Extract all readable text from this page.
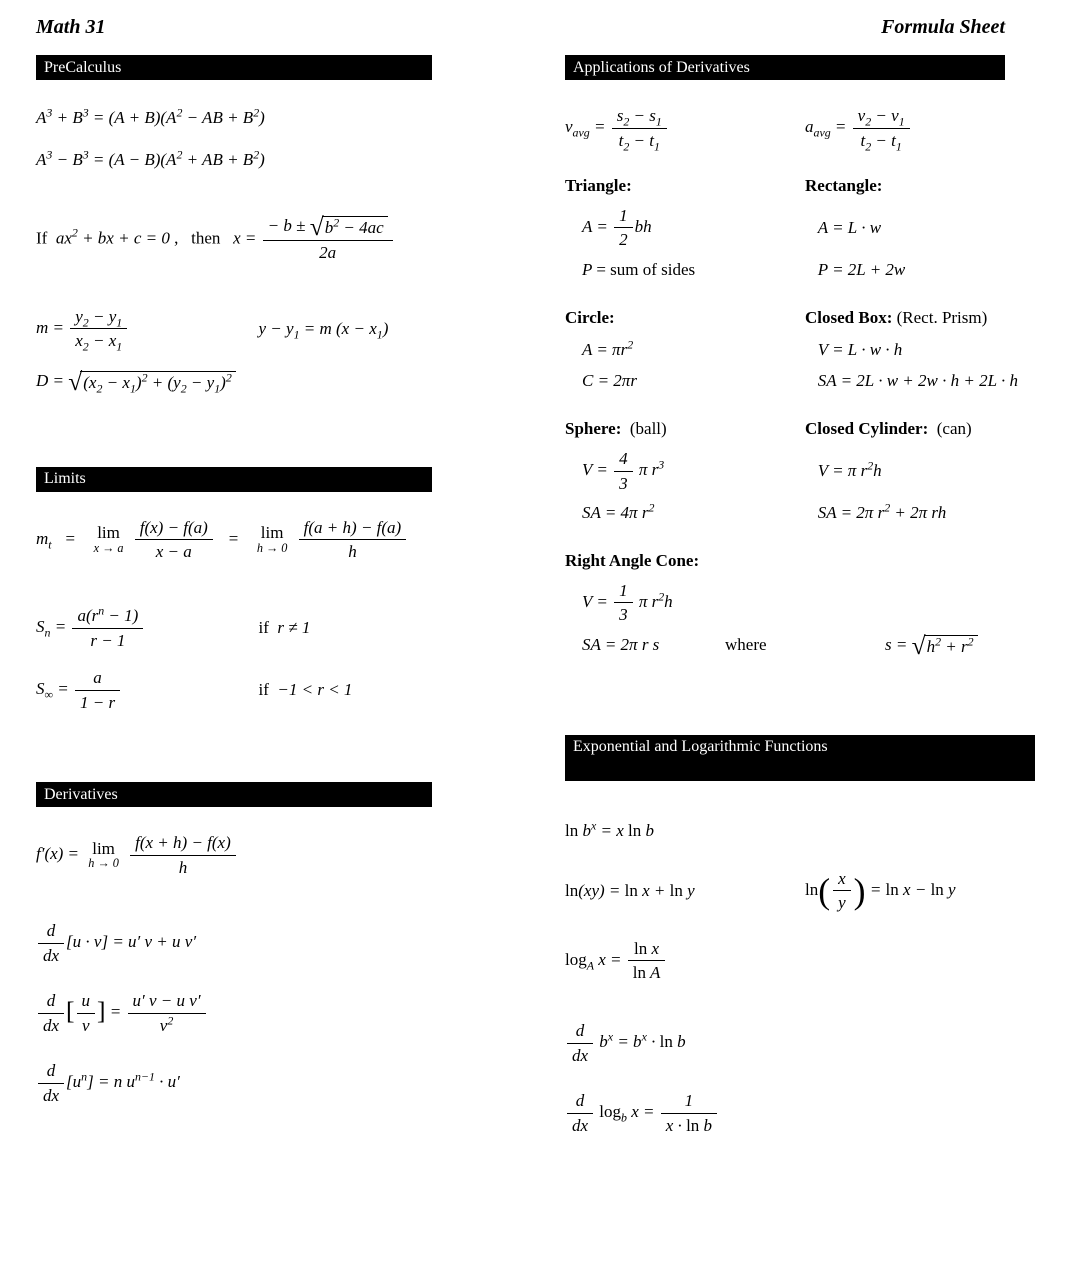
Math 31	Formula Sheet
PreCalculus
$A^3 + B^3 = (A + B)(A^2$ − AB + $B^2$)
$A^3 - B^3 = (A - B)(A^2$ + AB + $B^2$)
If  $ax^2$ + bx + c = 0 ,   then   $x = \frac{- b \pm √ b^2 - 4ac}{2a}$
$m = \frac{y_2 - y_1}{x_2 - x_1}$	$y - y_1 = m$ $(x - x_1)$
D = √ $(x_2 - x_1)^2 + (y_2 - y_1)^2$
Limits
$m_t = \lim$
x → a
$\frac{f(x) - f(a)}{x - a} = \lim$
h → 0
$\frac{f(a + h) - f(a)}{h}$
$S_n = \frac{a(r^n - 1)}{r - 1}$	if  r ≠ 1
$S_\infty = \frac{a}{1 - r}$	if  −1 < r < 1
Derivatives
f′(x) = lim
h → 0
$\frac{f(x + h) - f(x)}{h}$
$\frac{d}{dx} [u \cdot v] = u'$ v + u v′
$\frac{d}{dx}$ [ $\frac{u}{v}$ ] = $\frac{\text{u′ v − u v′}}{v^2}$
$\frac{d}{dx} [u^n] = n$ $u^{n-1} \cdot u'$
Applications of Derivatives
$v_{avg} = \frac{s_2 - s_1}{t_2 - t_1}$	$a_{avg} = \frac{v_2 - v_1}{t_2 - t_1}$
Triangle:	Rectangle:
$A = \frac{1}{2}$ bh	A = L · w
P = sum of sides	P = 2L + 2w
Circle:	Closed Box: (Rect. Prism)
$A = \pi r^2$	V = L · w · h
C = 2πr	SA = 2L · w + 2w · h + 2L · h
Sphere:  (ball)	Closed Cylinder:  (can)
$V = \frac{4}{3}$ π $r^3$	V = π $r^2h$
SA = 4π $r^2$	SA = 2π $r^2 + 2\pi$ rh
Right Angle Cone:
$V = \frac{1}{3}$ π $r^2h$
SA = 2π r s	where	s = √ $h^2 + r^2$
Exponential and Logarithmic Functions
$\ln b^x = x$ ln b
ln(xy) = ln x + ln y	ln ( $\frac{x}{y}$ ) = ln x − ln y
$\log_A x = \frac{\text{ln x}}{\text{ln A}}$
$\frac{d}{dx} b^x = b^x \cdot \ln b$
$\frac{d}{dx} \log_b x = \frac{1}{\text{x · ln b}}$
